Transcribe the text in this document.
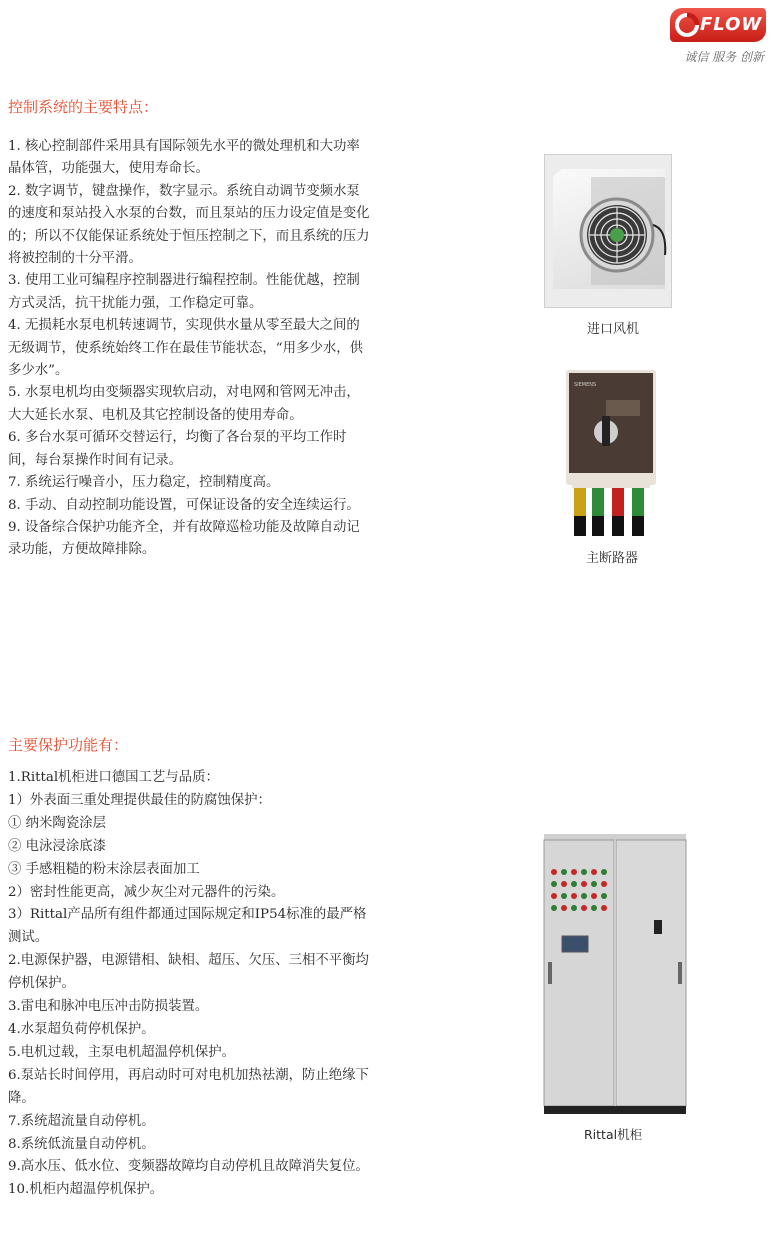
FLOW
诚信 服务 创新
控制系统的主要特点：
1. 核心控制部件采用具有国际领先水平的微处理机和大功率晶体管，功能强大，使用寿命长。
2. 数字调节，键盘操作，数字显示。系统自动调节变频水泵的速度和泵站投入水泵的台数，而且泵站的压力设定值是变化的；所以不仅能保证系统处于恒压控制之下，而且系统的压力将被控制的十分平滑。
3. 使用工业可编程序控制器进行编程控制。性能优越，控制方式灵活，抗干扰能力强，工作稳定可靠。
4. 无损耗水泵电机转速调节，实现供水量从零至最大之间的无级调节，使系统始终工作在最佳节能状态，“用多少水，供多少水”。
5. 水泵电机均由变频器实现软启动，对电网和管网无冲击，大大延长水泵、电机及其它控制设备的使用寿命。
6. 多台水泵可循环交替运行，均衡了各台泵的平均工作时间，每台泵操作时间有记录。
7. 系统运行噪音小，压力稳定，控制精度高。
8. 手动、自动控制功能设置，可保证设备的安全连续运行。
9. 设备综合保护功能齐全，并有故障巡检功能及故障自动记录功能，方便故障排除。
进口风机
SIEMENS
主断路器
主要保护功能有：
1.Rittal机柜进口德国工艺与品质：
1）外表面三重处理提供最佳的防腐蚀保护：
① 纳米陶瓷涂层
② 电泳浸涂底漆
③ 手感粗糙的粉末涂层表面加工
2）密封性能更高，减少灰尘对元器件的污染。
3）Rittal产品所有组件都通过国际规定和IP54标准的最严格测试。
2.电源保护器，电源错相、缺相、超压、欠压、三相不平衡均停机保护。
3.雷电和脉冲电压冲击防损装置。
4.水泵超负荷停机保护。
5.电机过载，主泵电机超温停机保护。
6.泵站长时间停用，再启动时可对电机加热祛潮，防止绝缘下降。
7.系统超流量自动停机。
8.系统低流量自动停机。
9.高水压、低水位、变频器故障均自动停机且故障消失复位。
10.机柜内超温停机保护。
Rittal机柜
